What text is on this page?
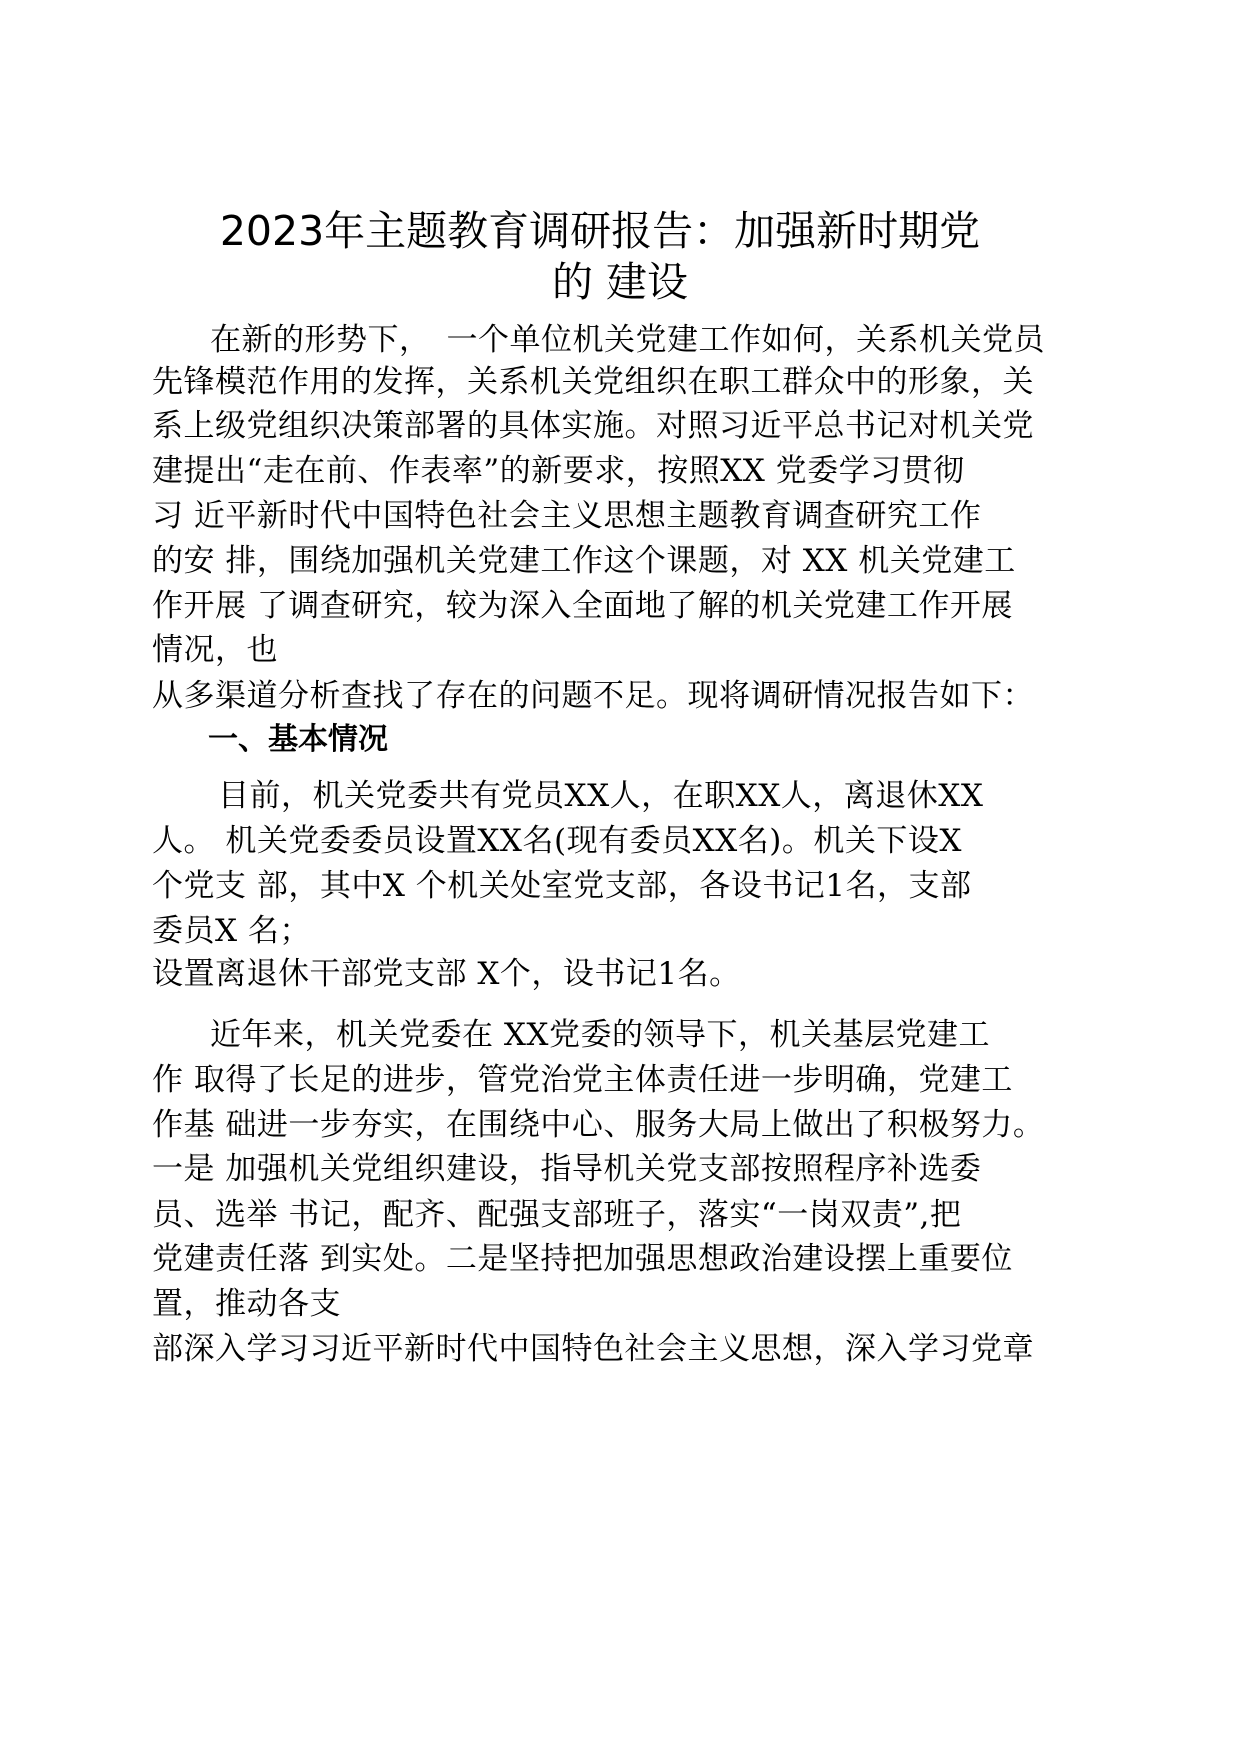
2023年主题教育调研报告：加强新时期党
的 建设
在新的形势下，　一个单位机关党建工作如何，关系机关党员
先锋模范作用的发挥，关系机关党组织在职工群众中的形象，关
系上级党组织决策部署的具体实施。对照习近平总书记对机关党
建提出“走在前、作表率”的新要求，按照XX 党委学习贯彻
习 近平新时代中国特色社会主义思想主题教育调查研究工作
的安 排，围绕加强机关党建工作这个课题，对 XX 机关党建工
作开展 了调查研究，较为深入全面地了解的机关党建工作开展
情况，也
从多渠道分析查找了存在的问题不足。现将调研情况报告如下：
一、基本情况
目前，机关党委共有党员XX人，在职XX人，离退休XX
人。 机关党委委员设置XX名(现有委员XX名)。机关下设X
个党支 部，其中X 个机关处室党支部，各设书记1名，支部
委员X 名；
设置离退休干部党支部 X个，设书记1名。
近年来，机关党委在 XX党委的领导下，机关基层党建工
作 取得了长足的进步，管党治党主体责任进一步明确，党建工
作基 础进一步夯实，在围绕中心、服务大局上做出了积极努力。
一是 加强机关党组织建设，指导机关党支部按照程序补选委
员、选举 书记，配齐、配强支部班子，落实“一岗双责”,把
党建责任落 到实处。二是坚持把加强思想政治建设摆上重要位
置，推动各支
部深入学习习近平新时代中国特色社会主义思想，深入学习党章
